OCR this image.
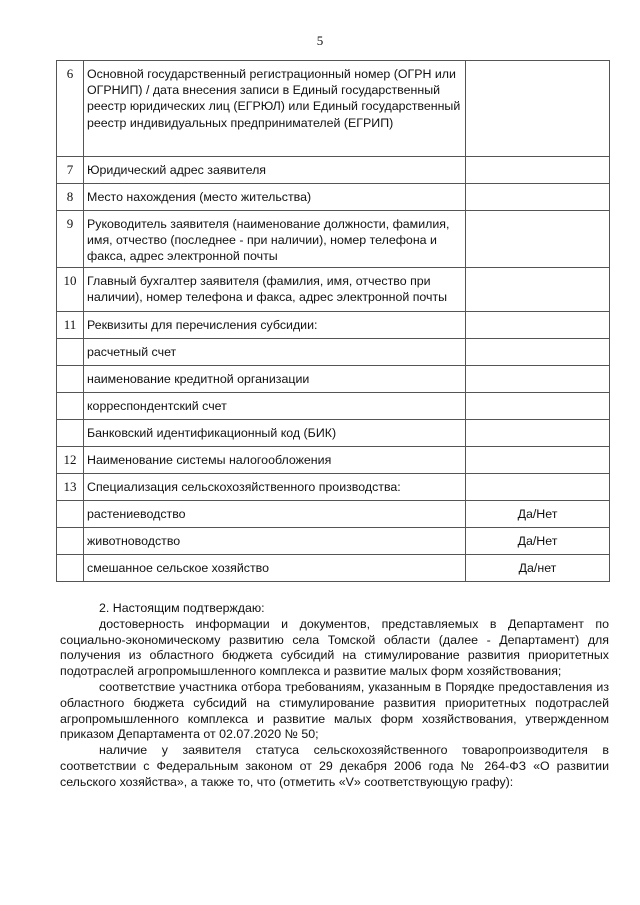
5
6	Основной государственный регистрационный номер (ОГРН или ОГРНИП) / дата внесения записи в Единый государственный реестр юридических лиц (ЕГРЮЛ) или Единый государственный реестр индивидуальных предпринимателей (ЕГРИП)	

7	Юридический адрес заявителя	

8	Место нахождения (место жительства)	

9	Руководитель заявителя (наименование должности, фамилия, имя, отчество (последнее - при наличии), номер телефона и факса, адрес электронной почты	

10	Главный бухгалтер заявителя (фамилия, имя, отчество при наличии), номер телефона и факса, адрес электронной почты	

11	Реквизиты для перечисления субсидии:	

	расчетный счет	

	наименование кредитной организации	

	корреспондентский счет	

	Банковский идентификационный код (БИК)	

12	Наименование системы налогообложения	

13	Специализация сельскохозяйственного производства:	

	растениеводство	Да/Нет

	животноводство	Да/Нет

	смешанное сельское хозяйство	Да/нет

2. Настоящим подтверждаю:

достоверность информации и документов, представляемых в Департамент по социально-экономическому развитию села Томской области (далее - Департамент) для получения из областного бюджета субсидий на стимулирование развития приоритетных подотраслей агропромышленного комплекса и развитие малых форм хозяйствования;

соответствие участника отбора требованиям, указанным в Порядке предоставления из областного бюджета субсидий на стимулирование развития приоритетных подотраслей агропромышленного комплекса и развитие малых форм хозяйствования, утвержденном приказом Департамента от 02.07.2020 № 50;

наличие у заявителя статуса сельскохозяйственного товаропроизводителя в соответствии с Федеральным законом от 29 декабря 2006 года № 264-ФЗ «О развитии сельского хозяйства», а также то, что (отметить «V» соответствующую графу):
